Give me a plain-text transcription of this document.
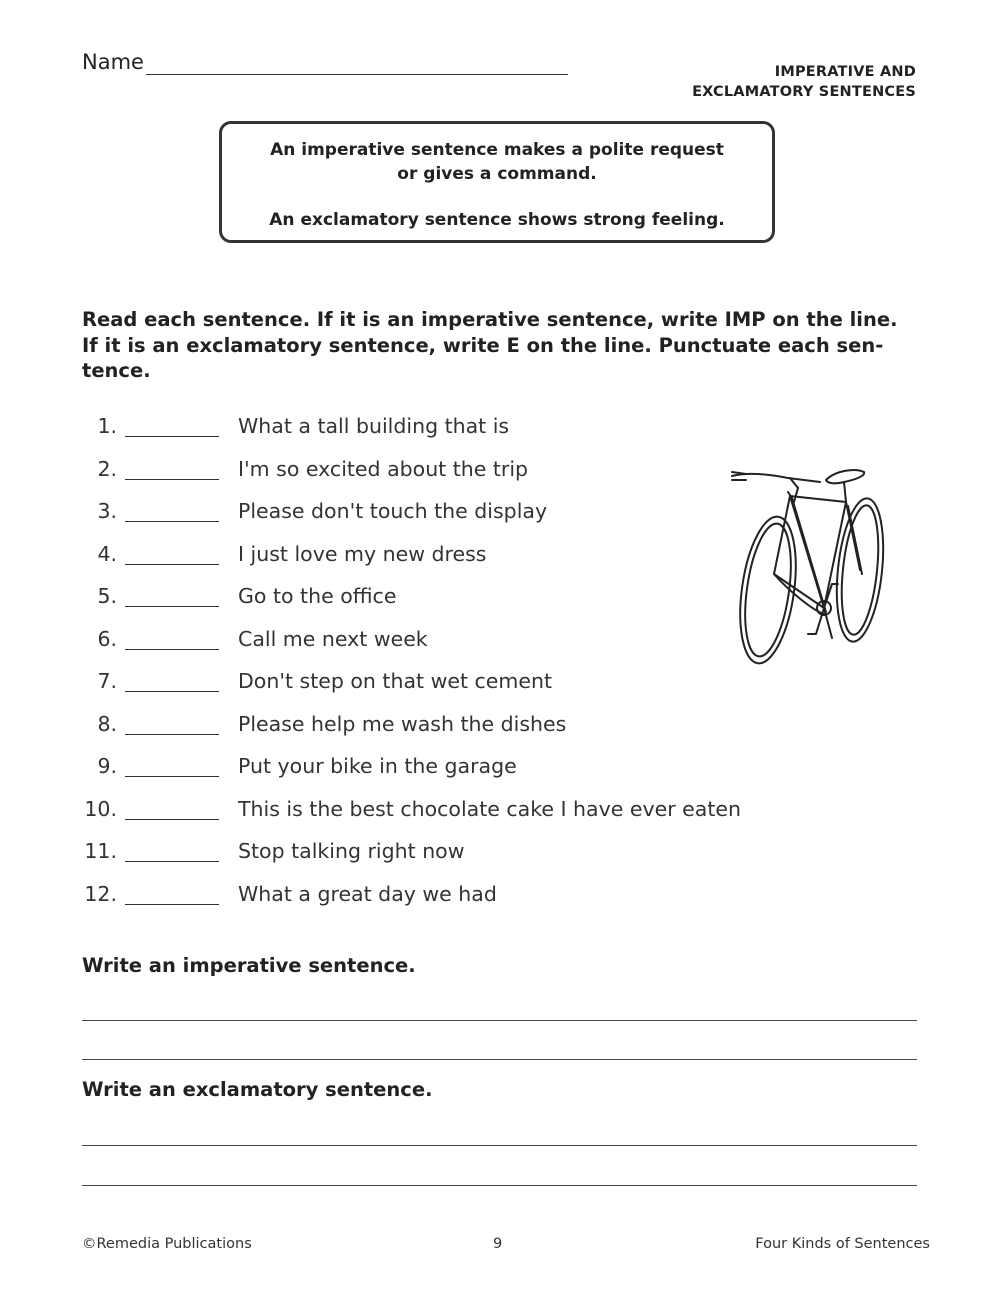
Name	IMPERATIVE AND
EXCLAMATORY SENTENCES
An imperative sentence makes a polite request
or gives a command.
An exclamatory sentence shows strong feeling.
Read each sentence. If it is an imperative sentence, write IMP on the line. If it is an exclamatory sentence, write E on the line. Punctuate each sen-tence.
1.	What a tall building that is
2.	I'm so excited about the trip
3.	Please don't touch the display
4.	I just love my new dress
5.	Go to the office
6.	Call me next week
7.	Don't step on that wet cement
8.	Please help me wash the dishes
9.	Put your bike in the garage
10.	This is the best chocolate cake I have ever eaten
11.	Stop talking right now
12.	What a great day we had
Write an imperative sentence.
Write an exclamatory sentence.
©Remedia Publications	9	Four Kinds of Sentences
